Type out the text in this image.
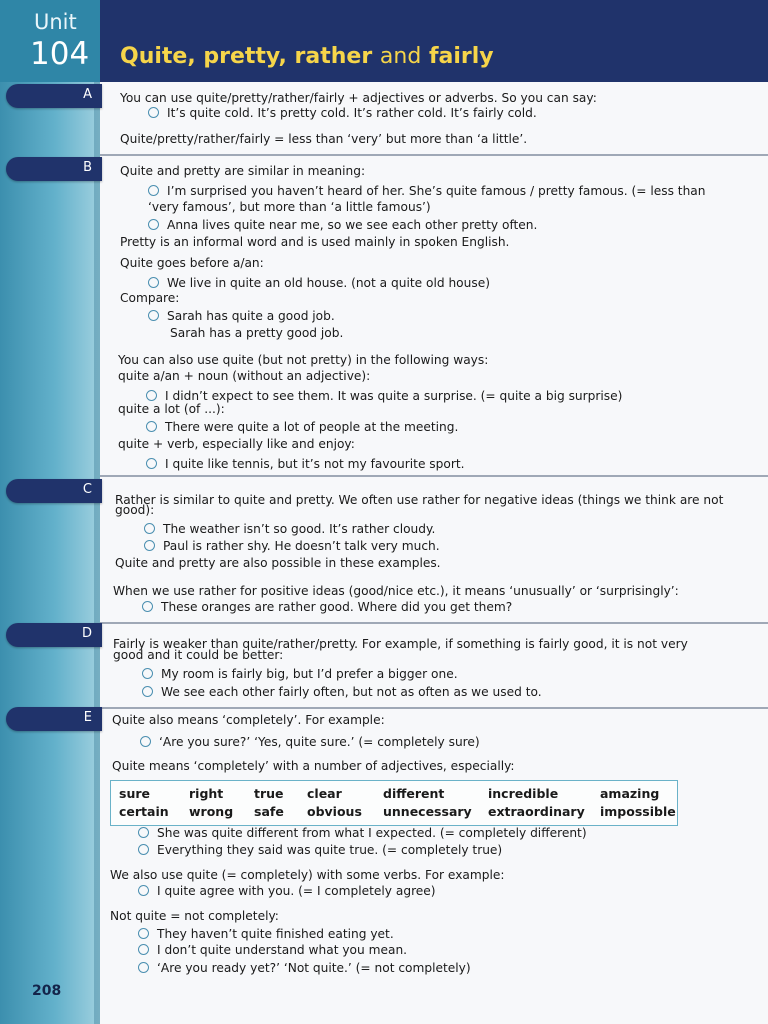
Unit
104 Quite, pretty, rather and fairly
A
B
C
D
E
You can use quite/pretty/rather/fairly + adjectives or adverbs. So you can say:
It’s quite cold. It’s pretty cold. It’s rather cold. It’s fairly cold.
Quite/pretty/rather/fairly = less than ‘very’ but more than ‘a little’.
Quite and pretty are similar in meaning:
I’m surprised you haven’t heard of her. She’s quite famous / pretty famous. (= less than
‘very famous’, but more than ‘a little famous’)
Anna lives quite near me, so we see each other pretty often.
Pretty is an informal word and is used mainly in spoken English.
Quite goes before a/an:
We live in quite an old house. (not a quite old house)
Compare:
Sarah has quite a good job.
Sarah has a pretty good job.
You can also use quite (but not pretty) in the following ways:
quite a/an + noun (without an adjective):
I didn’t expect to see them. It was quite a surprise. (= quite a big surprise)
quite a lot (of ...):
There were quite a lot of people at the meeting.
quite + verb, especially like and enjoy:
I quite like tennis, but it’s not my favourite sport.
Rather is similar to quite and pretty. We often use rather for negative ideas (things we think are not
good):
The weather isn’t so good. It’s rather cloudy.
Paul is rather shy. He doesn’t talk very much.
Quite and pretty are also possible in these examples.
When we use rather for positive ideas (good/nice etc.), it means ‘unusually’ or ‘surprisingly’:
These oranges are rather good. Where did you get them?
Fairly is weaker than quite/rather/pretty. For example, if something is fairly good, it is not very
good and it could be better:
My room is fairly big, but I’d prefer a bigger one.
We see each other fairly often, but not as often as we used to.
Quite also means ‘completely’. For example:
‘Are you sure?’ ‘Yes, quite sure.’ (= completely sure)
Quite means ‘completely’ with a number of adjectives, especially:
She was quite different from what I expected. (= completely different)
Everything they said was quite true. (= completely true)
We also use quite (= completely) with some verbs. For example:
I quite agree with you. (= I completely agree)
Not quite = not completely:
They haven’t quite finished eating yet.
I don’t quite understand what you mean.
‘Are you ready yet?’ ‘Not quite.’ (= not completely)
sure
certain
right
wrong
true
safe
clear
obvious
different
unnecessary
incredible
extraordinary
amazing
impossible
208
